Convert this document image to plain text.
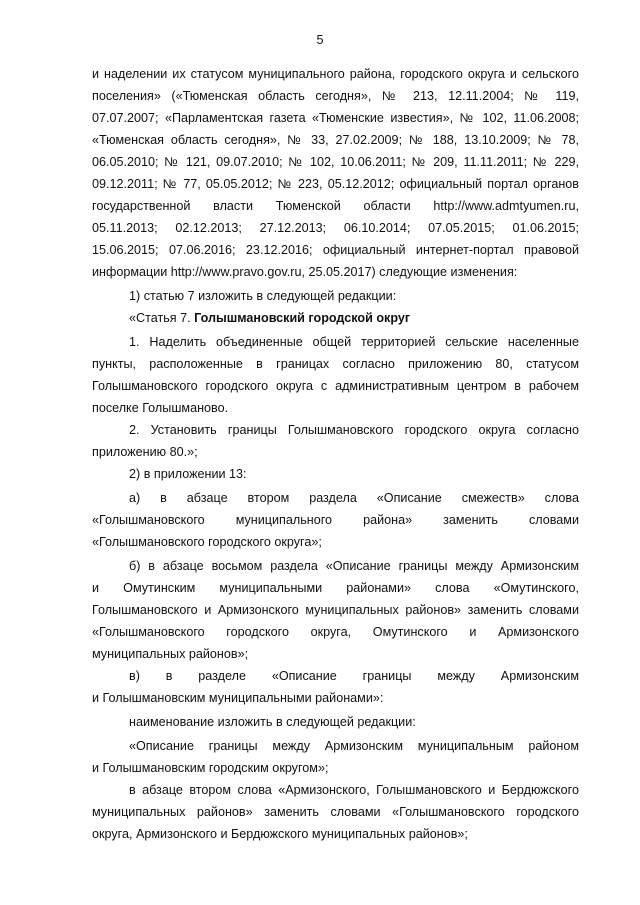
5
и наделении их статусом муниципального района, городского округа и сельского
поселения» («Тюменская область сегодня», № 213, 12.11.2004; № 119,
07.07.2007; «Парламентская газета «Тюменские известия», № 102, 11.06.2008;
«Тюменская область сегодня», № 33, 27.02.2009; № 188, 13.10.2009; № 78,
06.05.2010; № 121, 09.07.2010; № 102, 10.06.2011; № 209, 11.11.2011; № 229,
09.12.2011; № 77, 05.05.2012; № 223, 05.12.2012; официальный портал органов
государственной власти Тюменской области http://www.admtyumen.ru,
05.11.2013; 02.12.2013; 27.12.2013; 06.10.2014; 07.05.2015; 01.06.2015;
15.06.2015; 07.06.2016; 23.12.2016; официальный интернет-портал правовой
информации http://www.pravo.gov.ru, 25.05.2017) следующие изменения:
1) статью 7 изложить в следующей редакции:
«Статья 7. Голышмановский городской округ
1. Наделить объединенные общей территорией сельские населенные
пункты, расположенные в границах согласно приложению 80, статусом
Голышмановского городского округа с административным центром в рабочем
поселке Голышманово.
2. Установить границы Голышмановского городского округа согласно
приложению 80.»;
2) в приложении 13:
а) в абзаце втором раздела «Описание смежеств» слова
«Голышмановского муниципального района» заменить словами
«Голышмановского городского округа»;
б) в абзаце восьмом раздела «Описание границы между Армизонским
и Омутинским муниципальными районами» слова «Омутинского,
Голышмановского и Армизонского муниципальных районов» заменить словами
«Голышмановского городского округа, Омутинского и Армизонского
муниципальных районов»;
в) в разделе «Описание границы между Армизонским
и Голышмановским муниципальными районами»:
наименование изложить в следующей редакции:
«Описание границы между Армизонским муниципальным районом
и Голышмановским городским округом»;
в абзаце втором слова «Армизонского, Голышмановского и Бердюжского
муниципальных районов» заменить словами «Голышмановского городского
округа, Армизонского и Бердюжского муниципальных районов»;
